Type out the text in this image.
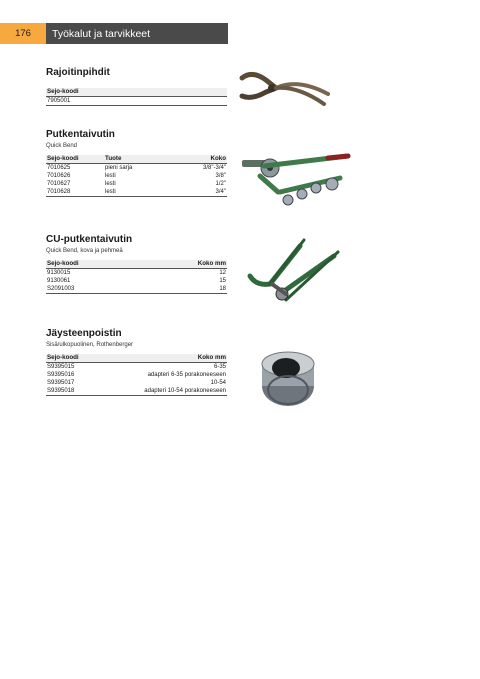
176	Työkalut ja tarvikkeet
Rajoitinpihdit
Sejo-koodi
7905001
Putkentaivutin
Quick Bend
Sejo-koodi	Tuote	Koko
7010625	pieni sarja	3/8"-3/4"
7010626	lesti	3/8"
7010627	lesti	1/2"
7010628	lesti	3/4"
CU-putkentaivutin
Quick Bend, kova ja pehmeä
Sejo-koodi	Koko mm
9130015	12
9130061	15
S2091003	18
Jäysteenpoistin
Sisä/ulkopuolinen, Rothenberger
Sejo-koodi	Koko mm
S9395015	6-35
S9395016	adapteri 6-35 porakoneeseen
S9395017	10-54
S9395018	adapteri 10-54 porakoneeseen
